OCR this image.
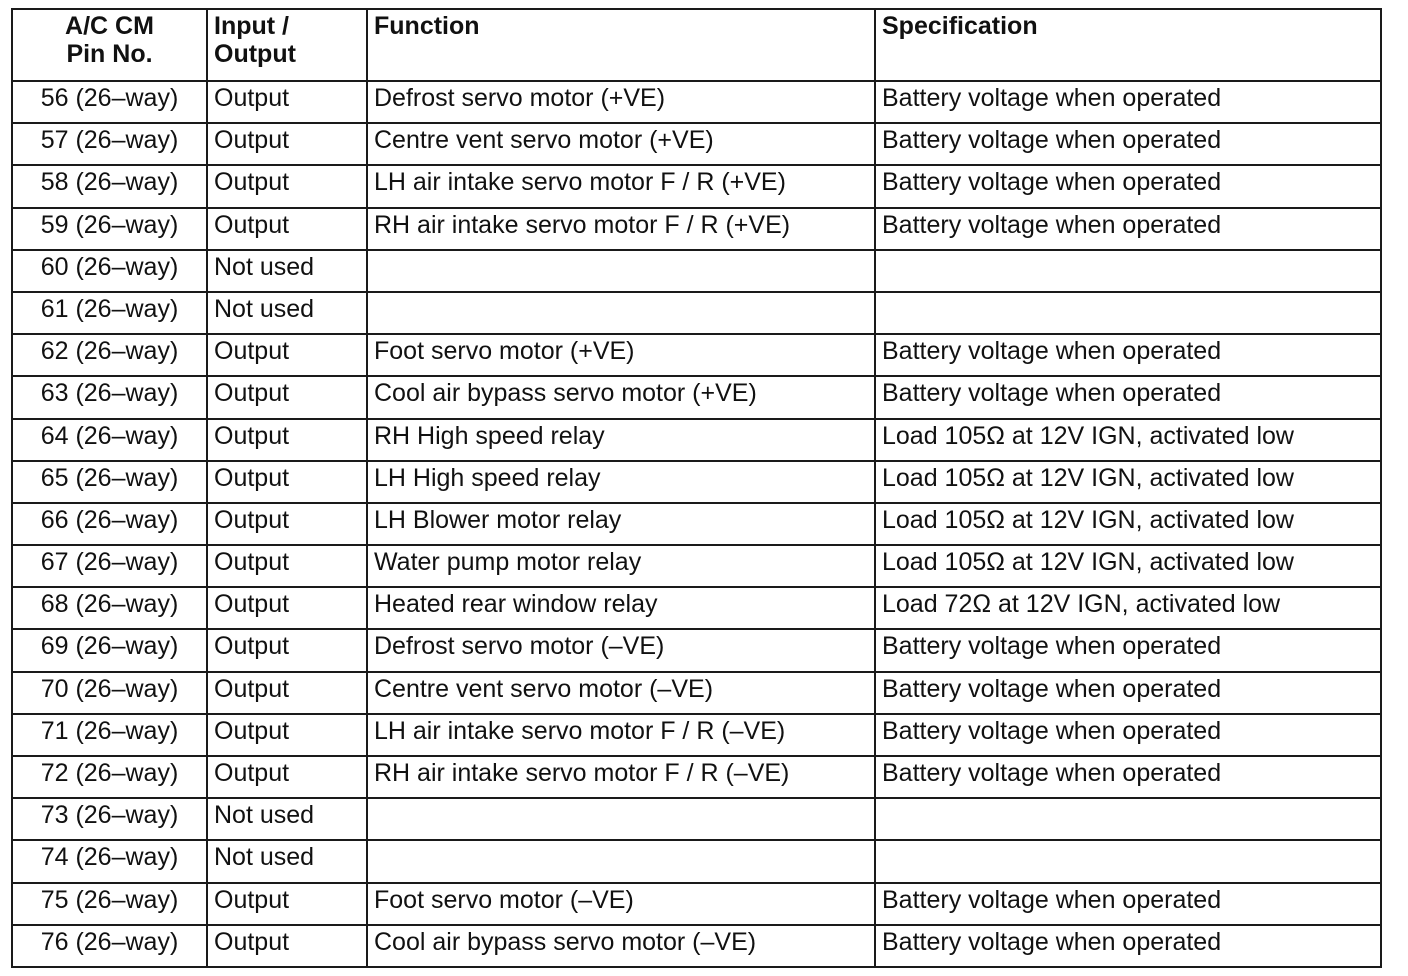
A/C CM
Pin No.	Input /
Output	Function	Specification
56 (26–way)	Output	Defrost servo motor (+VE)	Battery voltage when operated
57 (26–way)	Output	Centre vent servo motor (+VE)	Battery voltage when operated
58 (26–way)	Output	LH air intake servo motor F / R (+VE)	Battery voltage when operated
59 (26–way)	Output	RH air intake servo motor F / R (+VE)	Battery voltage when operated
60 (26–way)	Not used		
61 (26–way)	Not used		
62 (26–way)	Output	Foot servo motor (+VE)	Battery voltage when operated
63 (26–way)	Output	Cool air bypass servo motor (+VE)	Battery voltage when operated
64 (26–way)	Output	RH High speed relay	Load 105Ω at 12V IGN, activated low
65 (26–way)	Output	LH High speed relay	Load 105Ω at 12V IGN, activated low
66 (26–way)	Output	LH Blower motor relay	Load 105Ω at 12V IGN, activated low
67 (26–way)	Output	Water pump motor relay	Load 105Ω at 12V IGN, activated low
68 (26–way)	Output	Heated rear window relay	Load 72Ω at 12V IGN, activated low
69 (26–way)	Output	Defrost servo motor (–VE)	Battery voltage when operated
70 (26–way)	Output	Centre vent servo motor (–VE)	Battery voltage when operated
71 (26–way)	Output	LH air intake servo motor F / R (–VE)	Battery voltage when operated
72 (26–way)	Output	RH air intake servo motor F / R (–VE)	Battery voltage when operated
73 (26–way)	Not used		
74 (26–way)	Not used		
75 (26–way)	Output	Foot servo motor (–VE)	Battery voltage when operated
76 (26–way)	Output	Cool air bypass servo motor (–VE)	Battery voltage when operated
